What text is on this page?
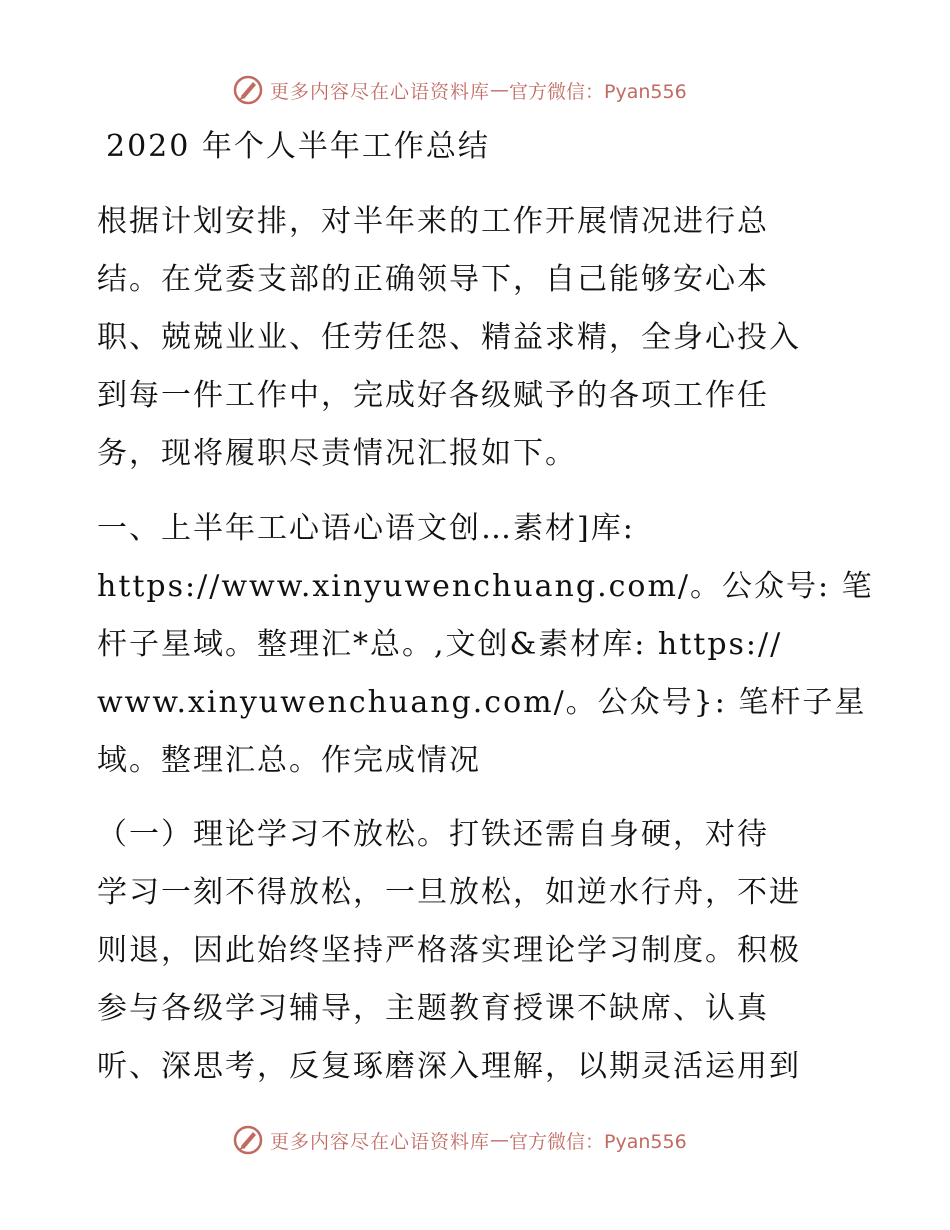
更多内容尽在心语资料库 — 官方微信：Pyan556
2020 年个人半年工作总结
根据计划安排，对半年来的工作开展情况进行总
结。在党委支部的正确领导下，自己能够安心本
职、兢兢业业、任劳任怨、精益求精，全身心投入
到每一件工作中，完成好各级赋予的各项工作任
务，现将履职尽责情况汇报如下。
一、上半年工心语心语文创…素材]库:
https://www.xinyuwenchuang.com/。公众号: 笔
杆子星域。整理汇*总。,文创&素材库: https://
www.xinyuwenchuang.com/。公众号}: 笔杆子星
域。整理汇总。作完成情况
（一）理论学习不放松。打铁还需自身硬，对待
学习一刻不得放松，一旦放松，如逆水行舟，不进
则退，因此始终坚持严格落实理论学习制度。积极
参与各级学习辅导，主题教育授课不缺席、认真
听、深思考，反复琢磨深入理解，以期灵活运用到
更多内容尽在心语资料库 — 官方微信：Pyan556
